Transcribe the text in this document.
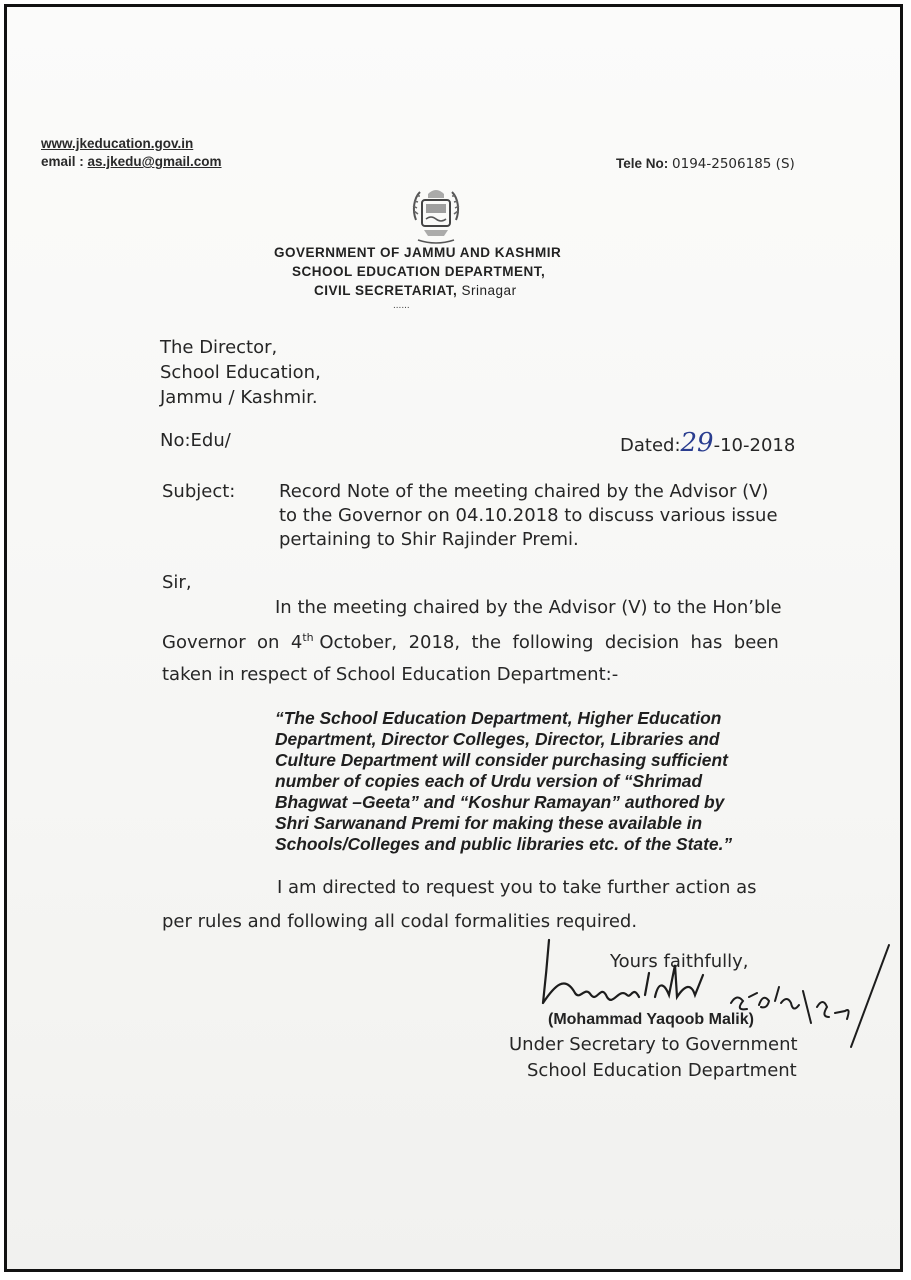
www.jkeducation.gov.in
email : as.jkedu@gmail.com	Tele No: 0194-2506185 (S)
GOVERNMENT OF JAMMU AND KASHMIR
SCHOOL EDUCATION DEPARTMENT,
CIVIL SECRETARIAT, Srinagar
......
The Director,
School Education,
Jammu / Kashmir.
No:Edu/	Dated:29-10-2018
Subject: Record Note of the meeting chaired by the Advisor (V)
to the Governor on 04.10.2018 to discuss various issue
pertaining to Shir Rajinder Premi.
Sir,
In the meeting chaired by the Advisor (V) to the Hon’ble
Governor  on  4th October,  2018,  the  following  decision  has  been
taken in respect of School Education Department:-
“The School Education Department, Higher Education
Department, Director Colleges, Director, Libraries and
Culture Department will consider purchasing sufficient
number of copies each of Urdu version of “Shrimad
Bhagwat –Geeta” and “Koshur Ramayan” authored by
Shri Sarwanand Premi for making these available in
Schools/Colleges and public libraries etc. of the State.”
I am directed to request you to take further action as
per rules and following all codal formalities required.
Yours faithfully,
(Mohammad Yaqoob Malik)
Under Secretary to Government
School Education Department
